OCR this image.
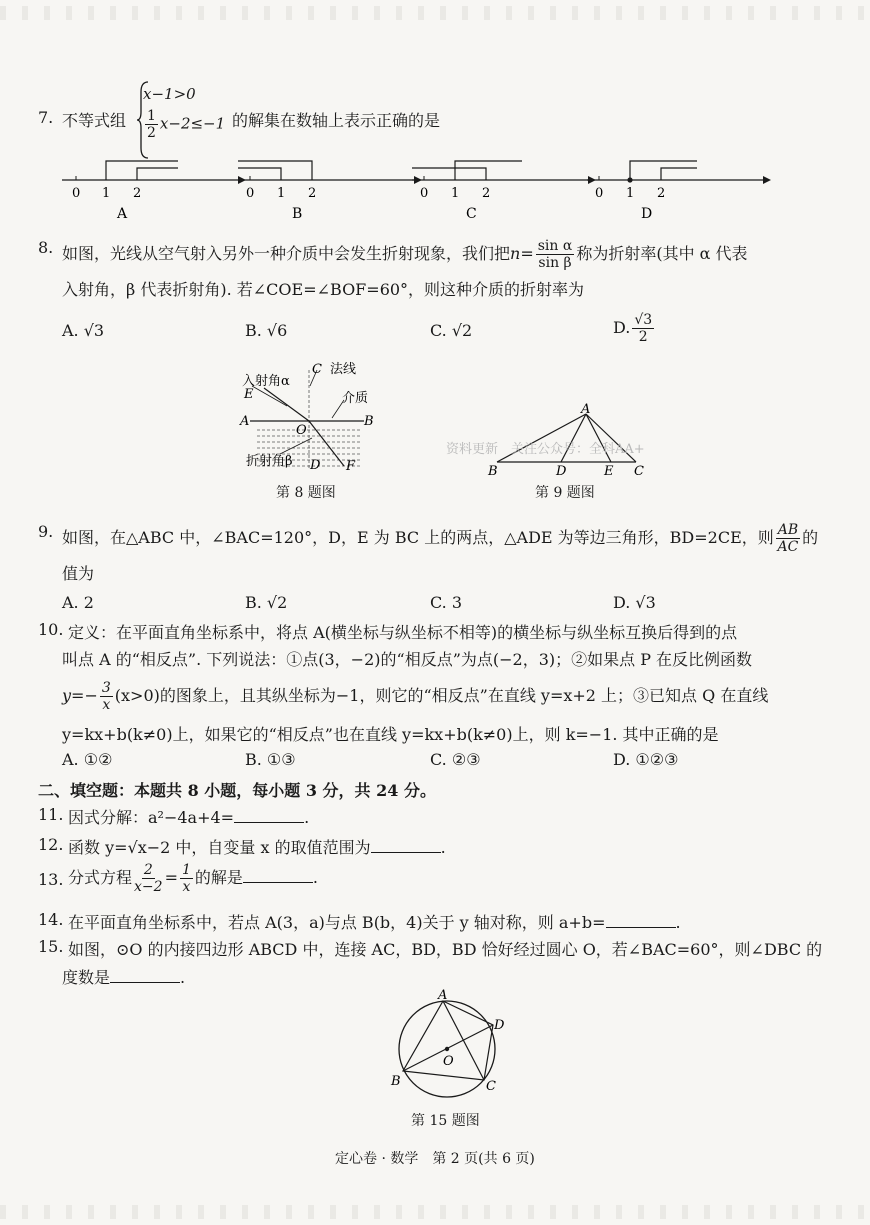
7. 不等式组
x−1>0
$\frac{1}{2} x-2\le-1$ 的解集在数轴上表示正确的是
0 1 2
A
0 1 2
B
0 1 2
C
0 1 2
D
8. 如图，光线从空气射入另外一种介质中会发生折射现象，我们把$n= \frac{\text{sin α}}{\text{sin β}}$ 称为折射率(其中 α 代表
入射角，β 代表折射角). 若∠COE=∠BOF=60°，则这种介质的折射率为
A. √3	B. √6	C. √2	D. $\frac{√3}{2}$
入射角α
C 法线
E	介质
A	B
O
折射角β D F
第 8 题图
A
B	D	E C
第 9 题图
资料更新　关注公众号：全科AA+
9. 如图，在△ABC 中，∠BAC=120°，D，E 为 BC 上的两点，△ADE 为等边三角形，BD=2CE，则 $\frac{AB}{AC}$ 的
值为
A. 2	B. √2	C. 3	D. √3
10. 定义：在平面直角坐标系中，将点 A(横坐标与纵坐标不相等)的横坐标与纵坐标互换后得到的点
叫点 A 的“相反点”. 下列说法：①点(3，−2)的“相反点”为点(−2，3)；②如果点 P 在反比例函数
$y=- \frac{3}{x} (x>0)$的图象上，且其纵坐标为−1，则它的“相反点”在直线 y=x+2 上；③已知点 Q 在直线
y=kx+b(k≠0)上，如果它的“相反点”也在直线 y=kx+b(k≠0)上，则 k=−1. 其中正确的是
A. ①②	B. ①③	C. ②③	D. ①②③
二、填空题：本题共 8 小题，每小题 3 分，共 24 分。
11. 因式分解：a²−4a+4=	.
12. 函数 y=√x−2 中，自变量 x 的取值范围为	.
13. 分式方程 $\frac{2}{x-2} = \frac{1}{x}$ 的解是	.
14. 在平面直角坐标系中，若点 A(3，a)与点 B(b，4)关于 y 轴对称，则 a+b=	.
15. 如图，⊙O 的内接四边形 ABCD 中，连接 AC，BD，BD 恰好经过圆心 O，若∠BAC=60°，则∠DBC 的
度数是	.
A
D
O
B	C
第 15 题图
定心卷 · 数学　第 2 页(共 6 页)
